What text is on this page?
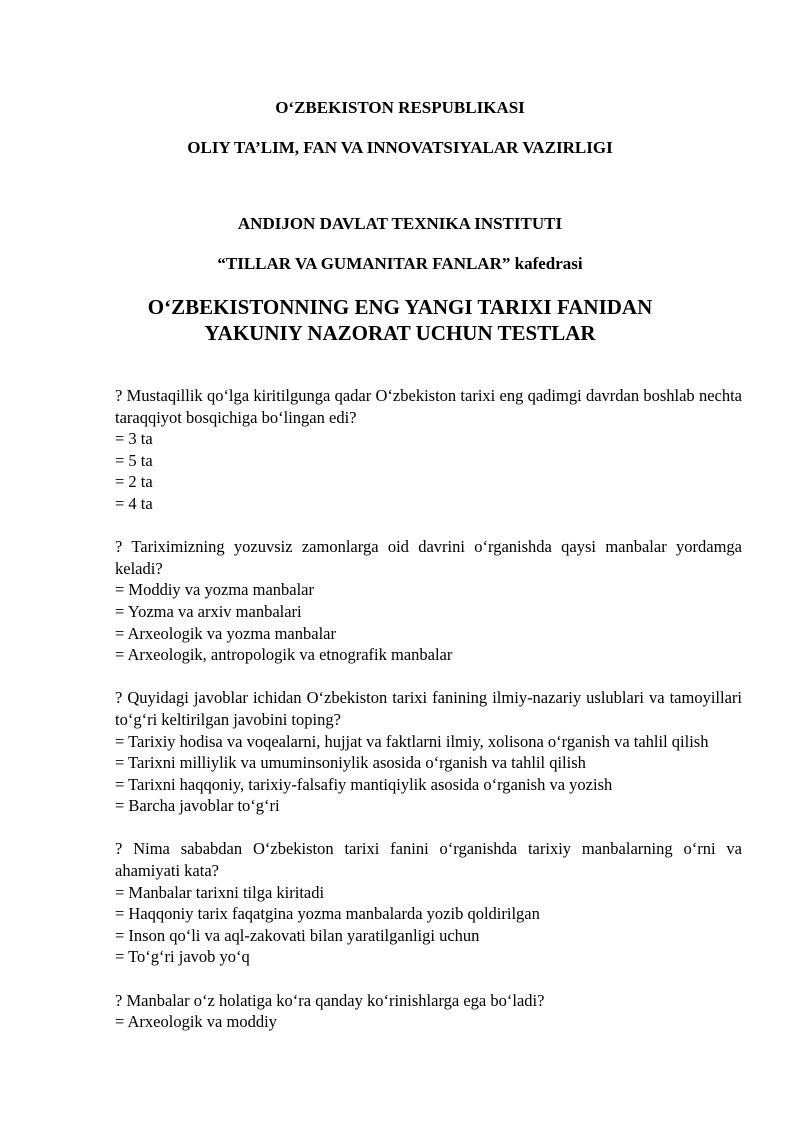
O‘ZBEKISTON RESPUBLIKASI
OLIY TA’LIM, FAN VA INNOVATSIYALAR VAZIRLIGI
ANDIJON DAVLAT TEXNIKA INSTITUTI
“TILLAR VA GUMANITAR FANLAR” kafedrasi
O‘ZBEKISTONNING ENG YANGI TARIXI FANIDAN
YAKUNIY NAZORAT UCHUN TESTLAR
? Mustaqillik qo‘lga kiritilgunga qadar O‘zbekiston tarixi eng qadimgi davrdan boshlab nechta taraqqiyot bosqichiga bo‘lingan edi?
= 3 ta
= 5 ta
= 2 ta
= 4 ta
? Tariximizning yozuvsiz zamonlarga oid davrini o‘rganishda qaysi manbalar yordamga keladi?
= Moddiy va yozma manbalar
= Yozma va arxiv manbalari
= Arxeologik va yozma manbalar
= Arxeologik, antropologik va etnografik manbalar
? Quyidagi javoblar ichidan O‘zbekiston tarixi fanining ilmiy-nazariy uslublari va tamoyillari to‘g‘ri keltirilgan javobini toping?
= Tarixiy hodisa va voqealarni, hujjat va faktlarni ilmiy, xolisona o‘rganish va tahlil qilish
= Tarixni milliylik va umuminsoniylik asosida o‘rganish va tahlil qilish
= Tarixni haqqoniy, tarixiy-falsafiy mantiqiylik asosida o‘rganish va yozish
= Barcha javoblar to‘g‘ri
? Nima sababdan O‘zbekiston tarixi fanini o‘rganishda tarixiy manbalarning o‘rni va ahamiyati kata?
= Manbalar tarixni tilga kiritadi
= Haqqoniy tarix faqatgina yozma manbalarda yozib qoldirilgan
= Inson qo‘li va aql-zakovati bilan yaratilganligi uchun
= To‘g‘ri javob yo‘q
? Manbalar o‘z holatiga ko‘ra qanday ko‘rinishlarga ega bo‘ladi?
= Arxeologik va moddiy
